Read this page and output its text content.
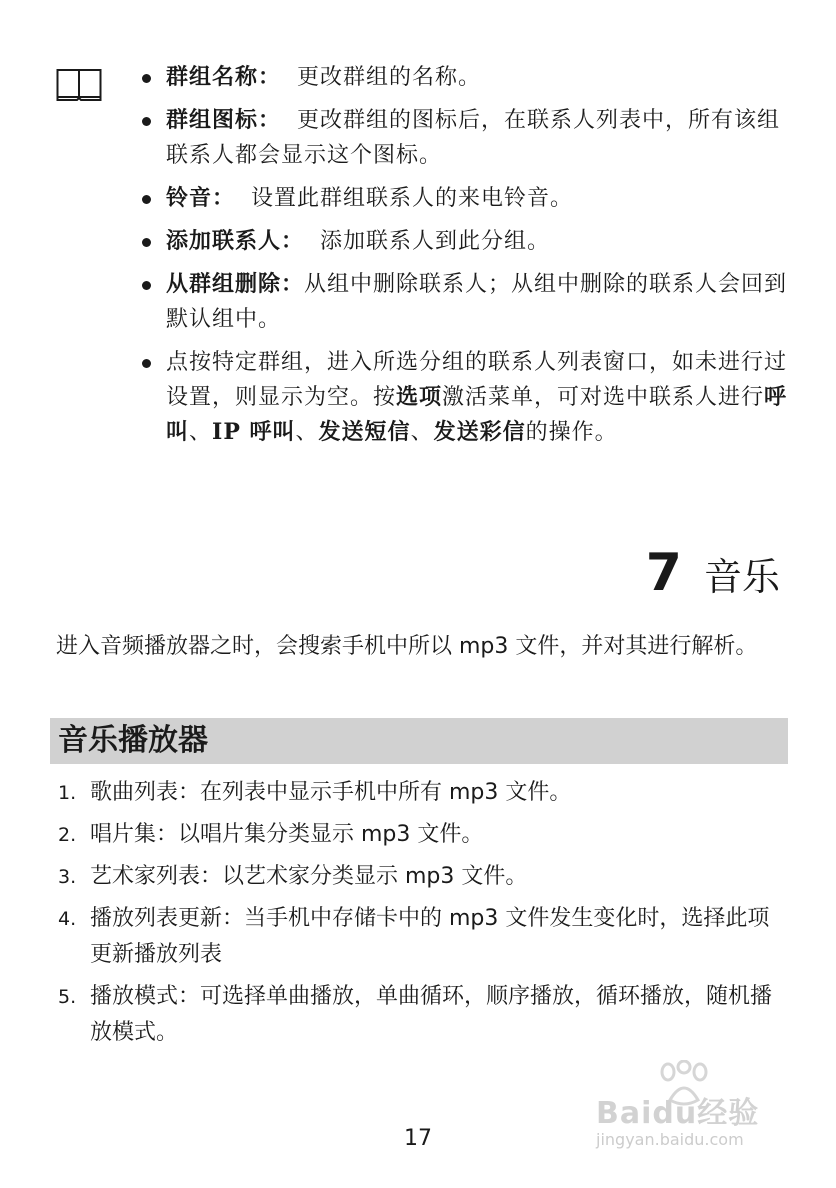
群组名称： 更改群组的名称。
群组图标： 更改群组的图标后，在联系人列表中，所有该组联系人都会显示这个图标。
铃音： 设置此群组联系人的来电铃音。
添加联系人： 添加联系人到此分组。
从群组删除：从组中删除联系人；从组中删除的联系人会回到默认组中。
点按特定群组，进入所选分组的联系人列表窗口，如未进行过设置，则显示为空。按选项激活菜单，可对选中联系人进行呼叫、IP 呼叫、发送短信、发送彩信的操作。
7 音乐

进入音频播放器之时，会搜索手机中所以 mp3 文件，并对其进行解析。

音乐播放器
1. 歌曲列表：在列表中显示手机中所有 mp3 文件。
2. 唱片集：以唱片集分类显示 mp3 文件。
3. 艺术家列表：以艺术家分类显示 mp3 文件。
4. 播放列表更新：当手机中存储卡中的 mp3 文件发生变化时，选择此项更新播放列表
5. 播放模式：可选择单曲播放，单曲循环，顺序播放，循环播放，随机播放模式。
17
Baidu经验
jingyan.baidu.com
